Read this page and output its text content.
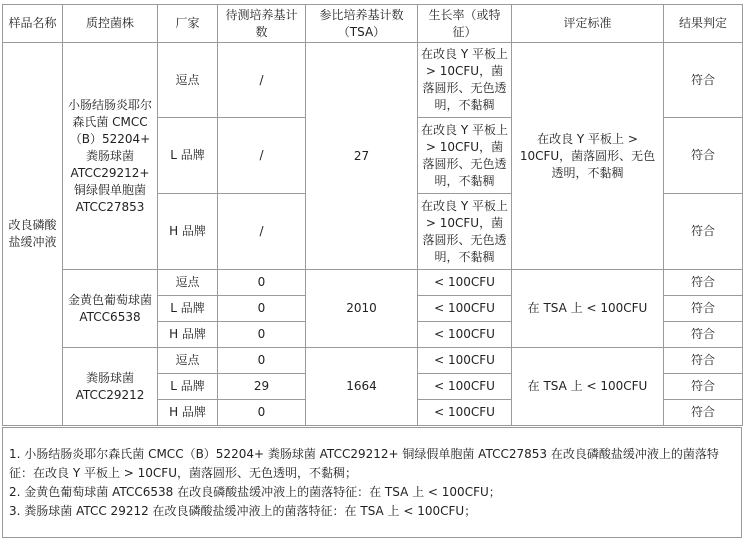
样品名称	质控菌株	厂家	待测培养基计数	参比培养基计数（TSA）	生长率（或特征）	评定标准	结果判定
改良磷酸盐缓冲液	小肠结肠炎耶尔森氏菌 CMCC（B）52204+ 粪肠球菌 ATCC29212+ 铜绿假单胞菌 ATCC27853	逗点	/	27	在改良 Y 平板上 > 10CFU，菌落圆形、无色透明，不黏稠	在改良 Y 平板上 > 10CFU，菌落圆形、无色透明，不黏稠	符合
		L 品牌	/		在改良 Y 平板上 > 10CFU，菌落圆形、无色透明，不黏稠		符合
		H 品牌	/		在改良 Y 平板上 > 10CFU，菌落圆形、无色透明，不黏稠		符合
	金黄色葡萄球菌 ATCC6538	逗点	0	2010	< 100CFU	在 TSA 上 < 100CFU	符合
		L 品牌	0		< 100CFU		符合
		H 品牌	0		< 100CFU		符合
	粪肠球菌 ATCC29212	逗点	0	1664	< 100CFU	在 TSA 上 < 100CFU	符合
		L 品牌	29		< 100CFU		符合
		H 品牌	0		< 100CFU		符合
1. 小肠结肠炎耶尔森氏菌 CMCC（B）52204+ 粪肠球菌 ATCC29212+ 铜绿假单胞菌 ATCC27853 在改良磷酸盐缓冲液上的菌落特征：在改良 Y 平板上 > 10CFU，菌落圆形、无色透明，不黏稠；
2. 金黄色葡萄球菌 ATCC6538 在改良磷酸盐缓冲液上的菌落特征：在 TSA 上 < 100CFU；
3. 粪肠球菌 ATCC 29212 在改良磷酸盐缓冲液上的菌落特征：在 TSA 上 < 100CFU；
